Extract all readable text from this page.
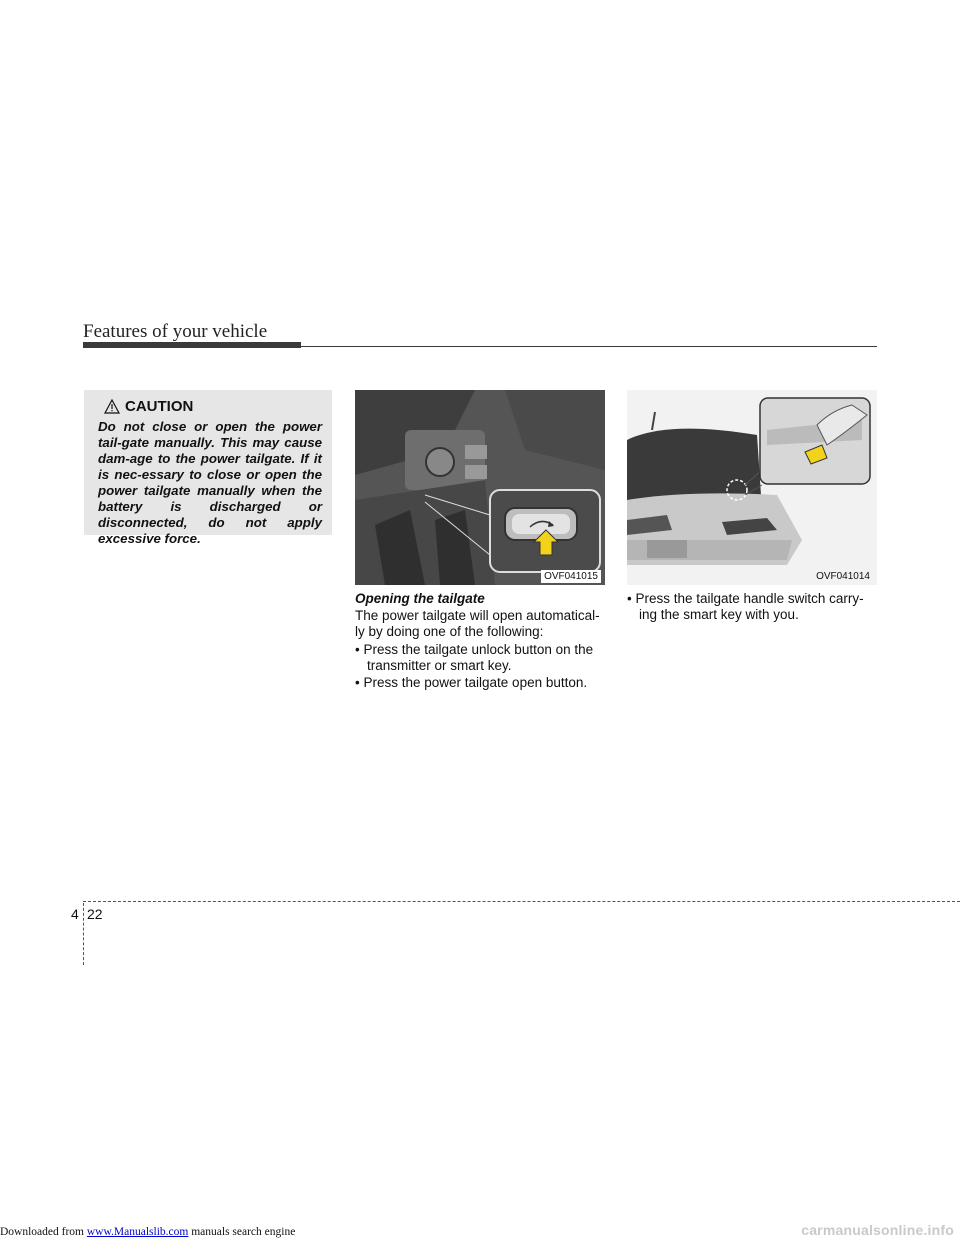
Features of your vehicle
CAUTION
Do not close or open the power tail-gate manually. This may cause dam-age to the power tailgate. If it is nec-essary to close or open the power tailgate manually when the battery is discharged or disconnected, do not apply excessive force.
OVF041015	OVF041014
Opening the tailgate
The power tailgate will open automatical-ly by doing one of the following:
• Press the tailgate unlock button on the transmitter or smart key.
• Press the power tailgate open button.
• Press the tailgate handle switch carry-ing the smart key with you.
4 22
Downloaded from www.Manualslib.com manuals search engine	carmanualsonline.info
